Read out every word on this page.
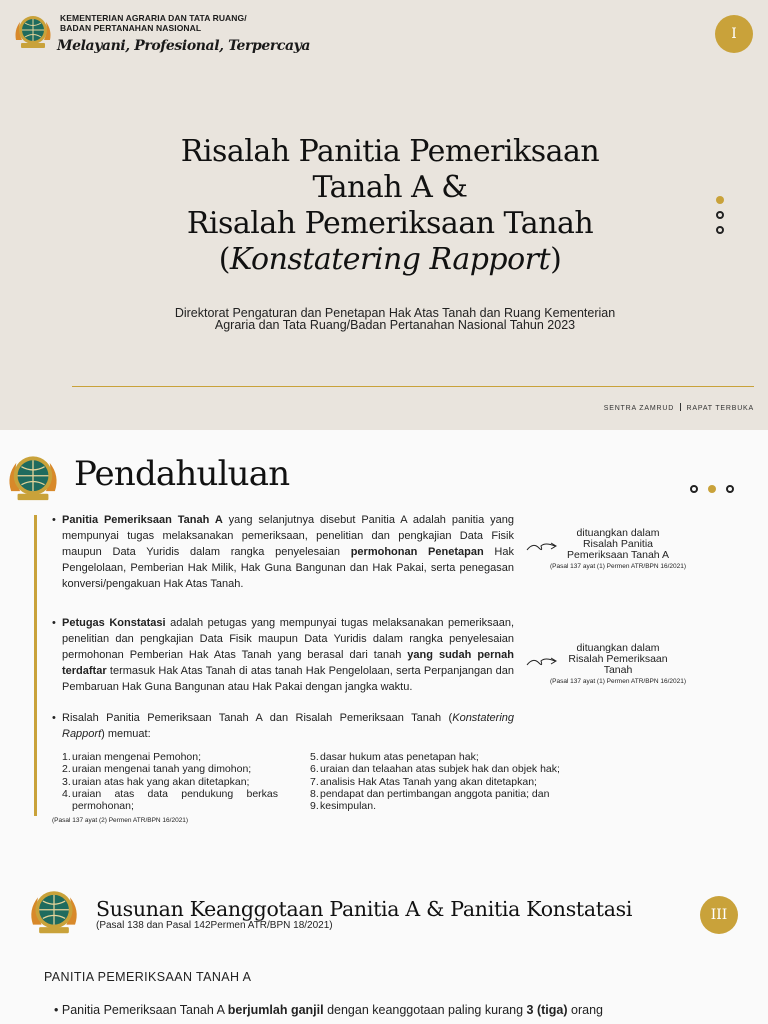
KEMENTERIAN AGRARIA DAN TATA RUANG/
BADAN PERTANAHAN NASIONAL
Melayani, Profesional, Terpercaya
I
Risalah Panitia Pemeriksaan
Tanah A &
Risalah Pemeriksaan Tanah
(Konstatering Rapport)
Direktorat Pengaturan dan Penetapan Hak Atas Tanah dan Ruang Kementerian
Agraria dan Tata Ruang/Badan Pertanahan Nasional Tahun 2023
SENTRA ZAMRUD RAPAT TERBUKA
Pendahuluan

• Panitia Pemeriksaan Tanah A yang selanjutnya disebut Panitia A adalah panitia yang mempunyai tugas melaksanakan pemeriksaan, penelitian dan pengkajian Data Fisik maupun Data Yuridis dalam rangka penyelesaian permohonan Penetapan Hak Pengelolaan, Pemberian Hak Milik, Hak Guna Bangunan dan Hak Pakai, serta penegasan konversi/pengakuan Hak Atas Tanah.
dituangkan dalam
Risalah Panitia
Pemeriksaan Tanah A
(Pasal 137 ayat (1) Permen ATR/BPN 16/2021)
• Petugas Konstatasi adalah petugas yang mempunyai tugas melaksanakan pemeriksaan, penelitian dan pengkajian Data Fisik maupun Data Yuridis dalam rangka penyelesaian permohonan Pemberian Hak Atas Tanah yang berasal dari tanah yang sudah pernah terdaftar termasuk Hak Atas Tanah di atas tanah Hak Pengelolaan, serta Perpanjangan dan Pembaruan Hak Guna Bangunan atau Hak Pakai dengan jangka waktu.
dituangkan dalam
Risalah Pemeriksaan
Tanah
(Pasal 137 ayat (1) Permen ATR/BPN 16/2021)
• Risalah Panitia Pemeriksaan Tanah A dan Risalah Pemeriksaan Tanah (Konstatering Rapport) memuat:
1. uraian mengenai Pemohon;
2. uraian mengenai tanah yang dimohon;
3. uraian atas hak yang akan ditetapkan;
4. uraian atas data pendukung berkas permohonan;
5. dasar hukum atas penetapan hak;
6. uraian dan telaahan atas subjek hak dan objek hak;
7. analisis Hak Atas Tanah yang akan ditetapkan;
8. pendapat dan pertimbangan anggota panitia; dan
9. kesimpulan.
(Pasal 137 ayat (2) Permen ATR/BPN 16/2021)
Susunan Keanggotaan Panitia A & Panitia Konstatasi
(Pasal 138 dan Pasal 142Permen ATR/BPN 18/2021)
III
PANITIA PEMERIKSAAN TANAH A
• Panitia Pemeriksaan Tanah A berjumlah ganjil dengan keanggotaan paling kurang 3 (tiga) orang
